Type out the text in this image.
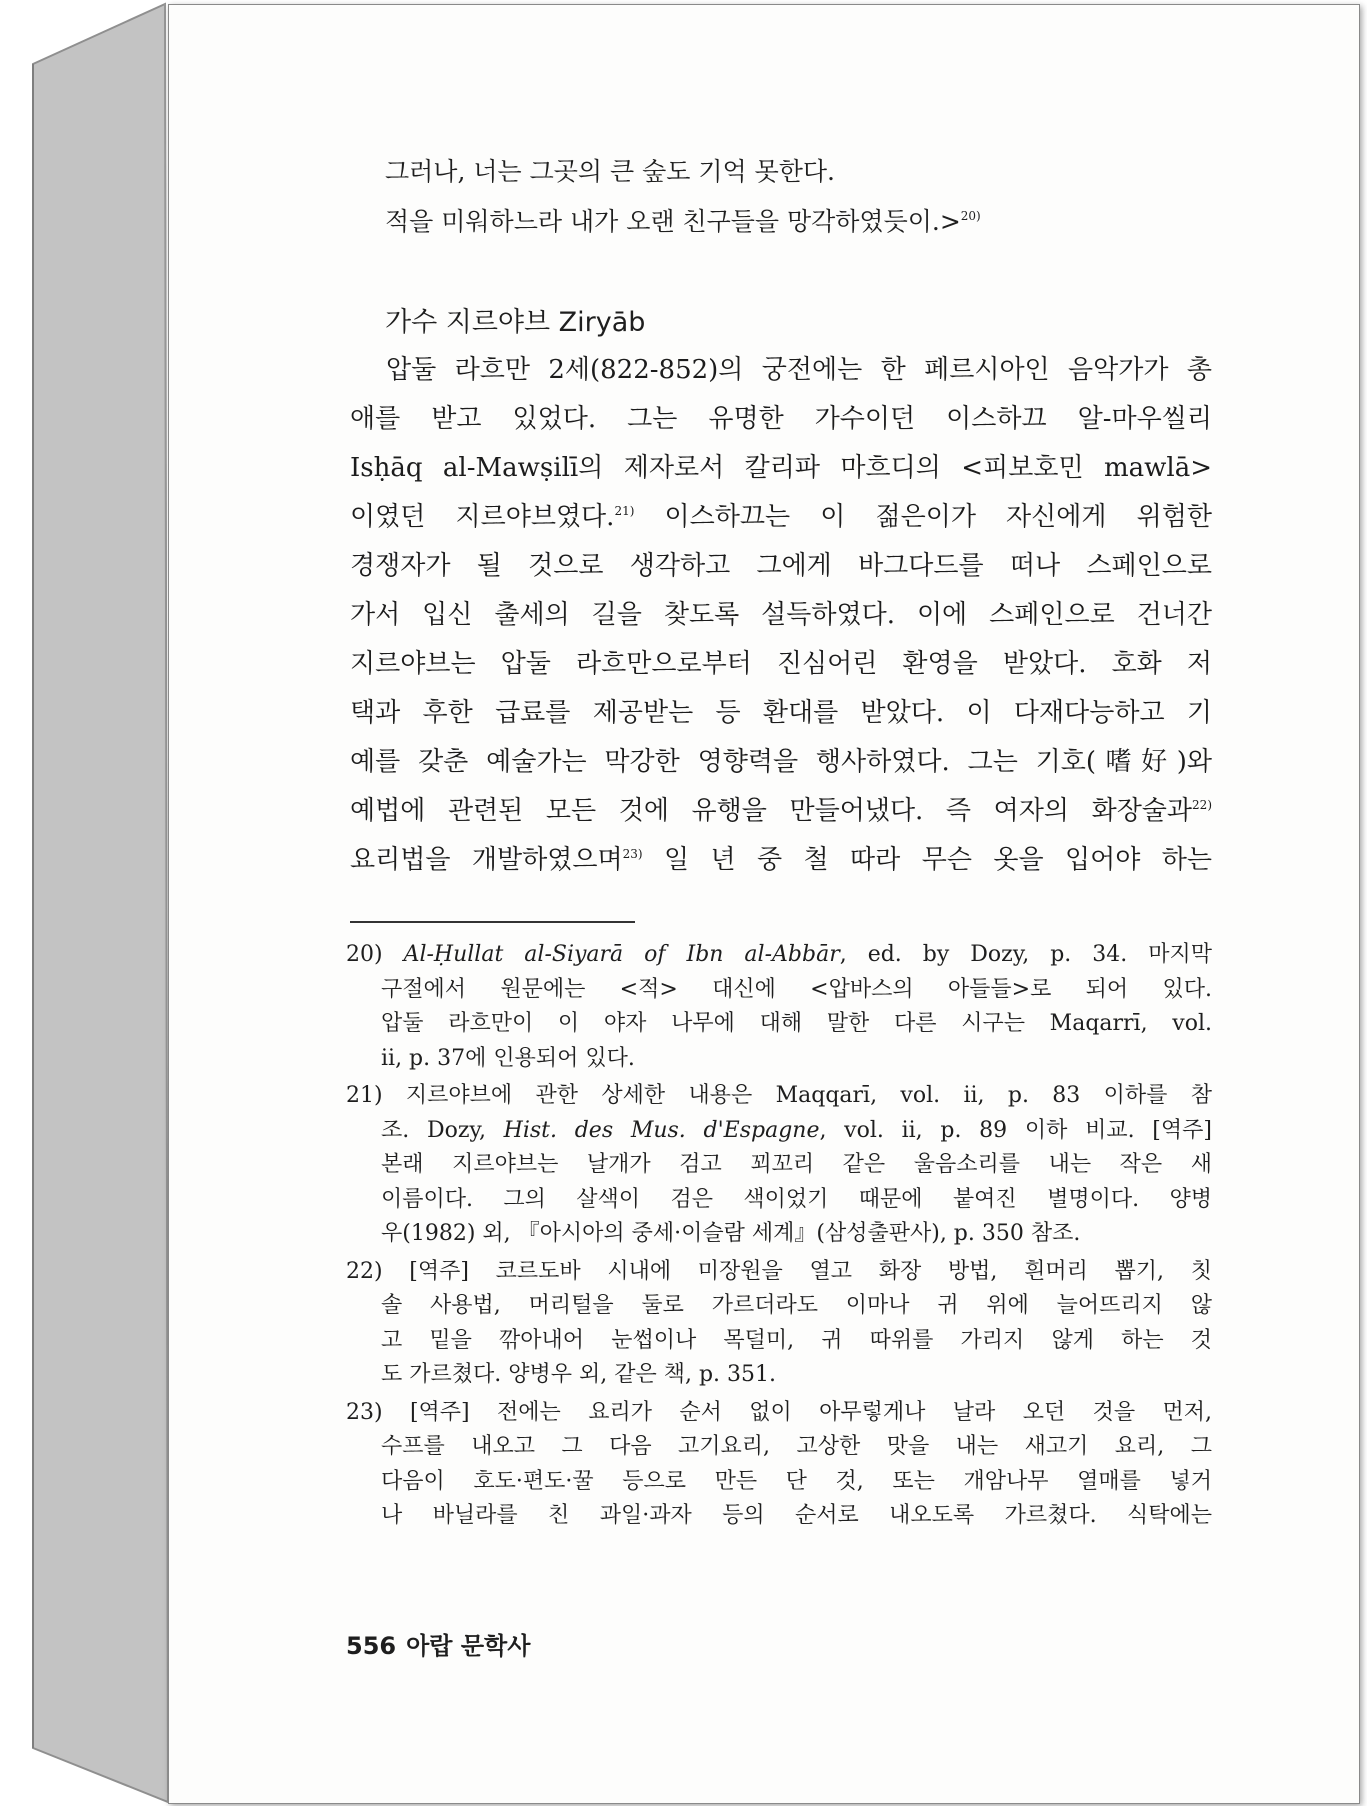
그러나, 너는 그곳의 큰 숲도 기억 못한다.
적을 미워하느라 내가 오랜 친구들을 망각하였듯이.>$^{20)}$
가수 지르야브 Ziryāb
압둘 라흐만 2세(822-852)의 궁전에는 한 페르시아인 음악가가 총
애를 받고 있었다. 그는 유명한 가수이던 이스하끄 알-마우씰리
Isḥāq al-Mawṣilī의 제자로서 칼리파 마흐디의 <피보호민 mawlā>
이였던 지르야브였다.$^{21)}$ 이스하끄는 이 젊은이가 자신에게 위험한
경쟁자가 될 것으로 생각하고 그에게 바그다드를 떠나 스페인으로
가서 입신 출세의 길을 찾도록 설득하였다. 이에 스페인으로 건너간
지르야브는 압둘 라흐만으로부터 진심어린 환영을 받았다. 호화 저
택과 후한 급료를 제공받는 등 환대를 받았다. 이 다재다능하고 기
예를 갖춘 예술가는 막강한 영향력을 행사하였다. 그는 기호(嗜好)와
예법에 관련된 모든 것에 유행을 만들어냈다. 즉 여자의 화장술과$^{22)}$
요리법을 개발하였으며$^{23)}$ 일 년 중 철 따라 무슨 옷을 입어야 하는
20) Al-Ḥullat al-Siyarā of Ibn al-Abbār, ed. by Dozy, p. 34. 마지막
구절에서 원문에는 <적> 대신에 <압바스의 아들들>로 되어 있다.
압둘 라흐만이 이 야자 나무에 대해 말한 다른 시구는 Maqarrī, vol.
ii, p. 37에 인용되어 있다.
21) 지르야브에 관한 상세한 내용은 Maqqarī, vol. ii, p. 83 이하를 참
조. Dozy, Hist. des Mus. d'Espagne, vol. ii, p. 89 이하 비교. [역주]
본래 지르야브는 날개가 검고 꾀꼬리 같은 울음소리를 내는 작은 새
이름이다. 그의 살색이 검은 색이었기 때문에 붙여진 별명이다. 양병
우(1982) 외, 『아시아의 중세·이슬람 세계』(삼성출판사), p. 350 참조.
22) [역주] 코르도바 시내에 미장원을 열고 화장 방법, 흰머리 뽑기, 칫
솔 사용법, 머리털을 둘로 가르더라도 이마나 귀 위에 늘어뜨리지 않
고 밑을 깎아내어 눈썹이나 목덜미, 귀 따위를 가리지 않게 하는 것
도 가르쳤다. 양병우 외, 같은 책, p. 351.
23) [역주] 전에는 요리가 순서 없이 아무렇게나 날라 오던 것을 먼저,
수프를 내오고 그 다음 고기요리, 고상한 맛을 내는 새고기 요리, 그
다음이 호도·편도·꿀 등으로 만든 단 것, 또는 개암나무 열매를 넣거
나 바닐라를 친 과일·과자 등의 순서로 내오도록 가르쳤다. 식탁에는
556 아랍 문학사
